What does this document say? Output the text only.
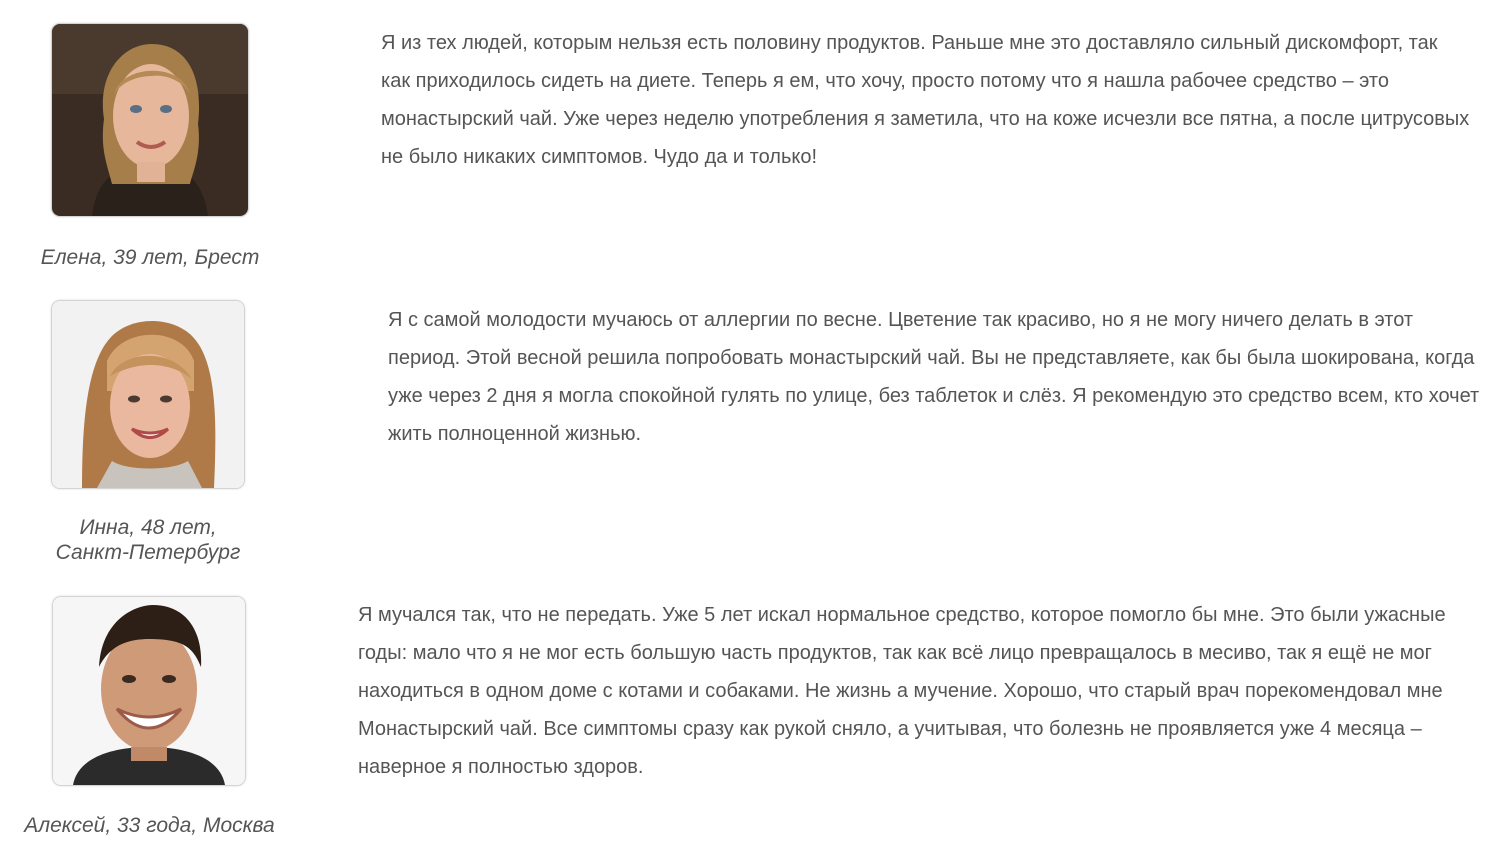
Елена, 39 лет, Брест

Я из тех людей, которым нельзя есть половину продуктов. Раньше мне это доставляло сильный дискомфорт, так как приходилось сидеть на диете. Теперь я ем, что хочу, просто потому что я нашла рабочее средство – это монастырский чай. Уже через неделю употребления я заметила, что на коже исчезли все пятна, а после цитрусовых не было никаких симптомов. Чудо да и только!

Инна, 48 лет,
Санкт-Петербург

Я с самой молодости мучаюсь от аллергии по весне. Цветение так красиво, но я не могу ничего делать в этот период. Этой весной решила попробовать монастырский чай. Вы не представляете, как бы была шокирована, когда уже через 2 дня я могла спокойной гулять по улице, без таблеток и слёз. Я рекомендую это средство всем, кто хочет жить полноценной жизнью.

Алексей, 33 года, Москва

Я мучался так, что не передать. Уже 5 лет искал нормальное средство, которое помогло бы мне. Это были ужасные годы: мало что я не мог есть большую часть продуктов, так как всё лицо превращалось в месиво, так я ещё не мог находиться в одном доме с котами и собаками. Не жизнь а мучение. Хорошо, что старый врач порекомендовал мне Монастырский чай. Все симптомы сразу как рукой сняло, а учитывая, что болезнь не проявляется уже 4 месяца – наверное я полностью здоров.
